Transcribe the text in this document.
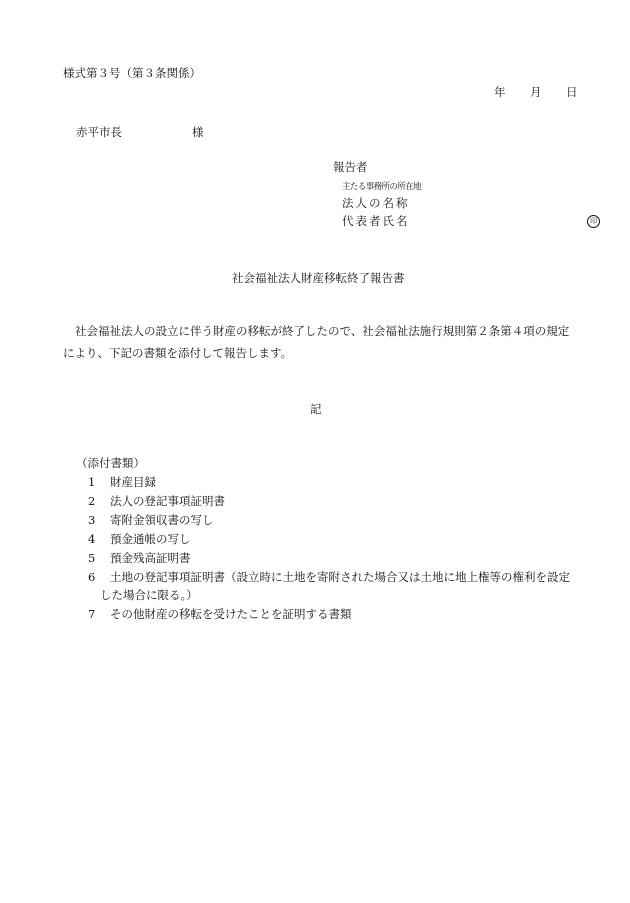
様式第３号（第３条関係）
年 月 日
赤平市長	様
報告者
主たる事務所の所在地
法人の名称
代表者氏名	印
社会福祉法人財産移転終了報告書
社会福祉法人の設立に伴う財産の移転が終了したので、社会福祉法施行規則第２条第４項の規定
により、下記の書類を添付して報告します。
記
（添付書類）
1 財産目録
2 法人の登記事項証明書
3 寄附金領収書の写し
4 預金通帳の写し
5 預金残高証明書
6 土地の登記事項証明書（設立時に土地を寄附された場合又は土地に地上権等の権利を設定
した場合に限る。）
7 その他財産の移転を受けたことを証明する書類
